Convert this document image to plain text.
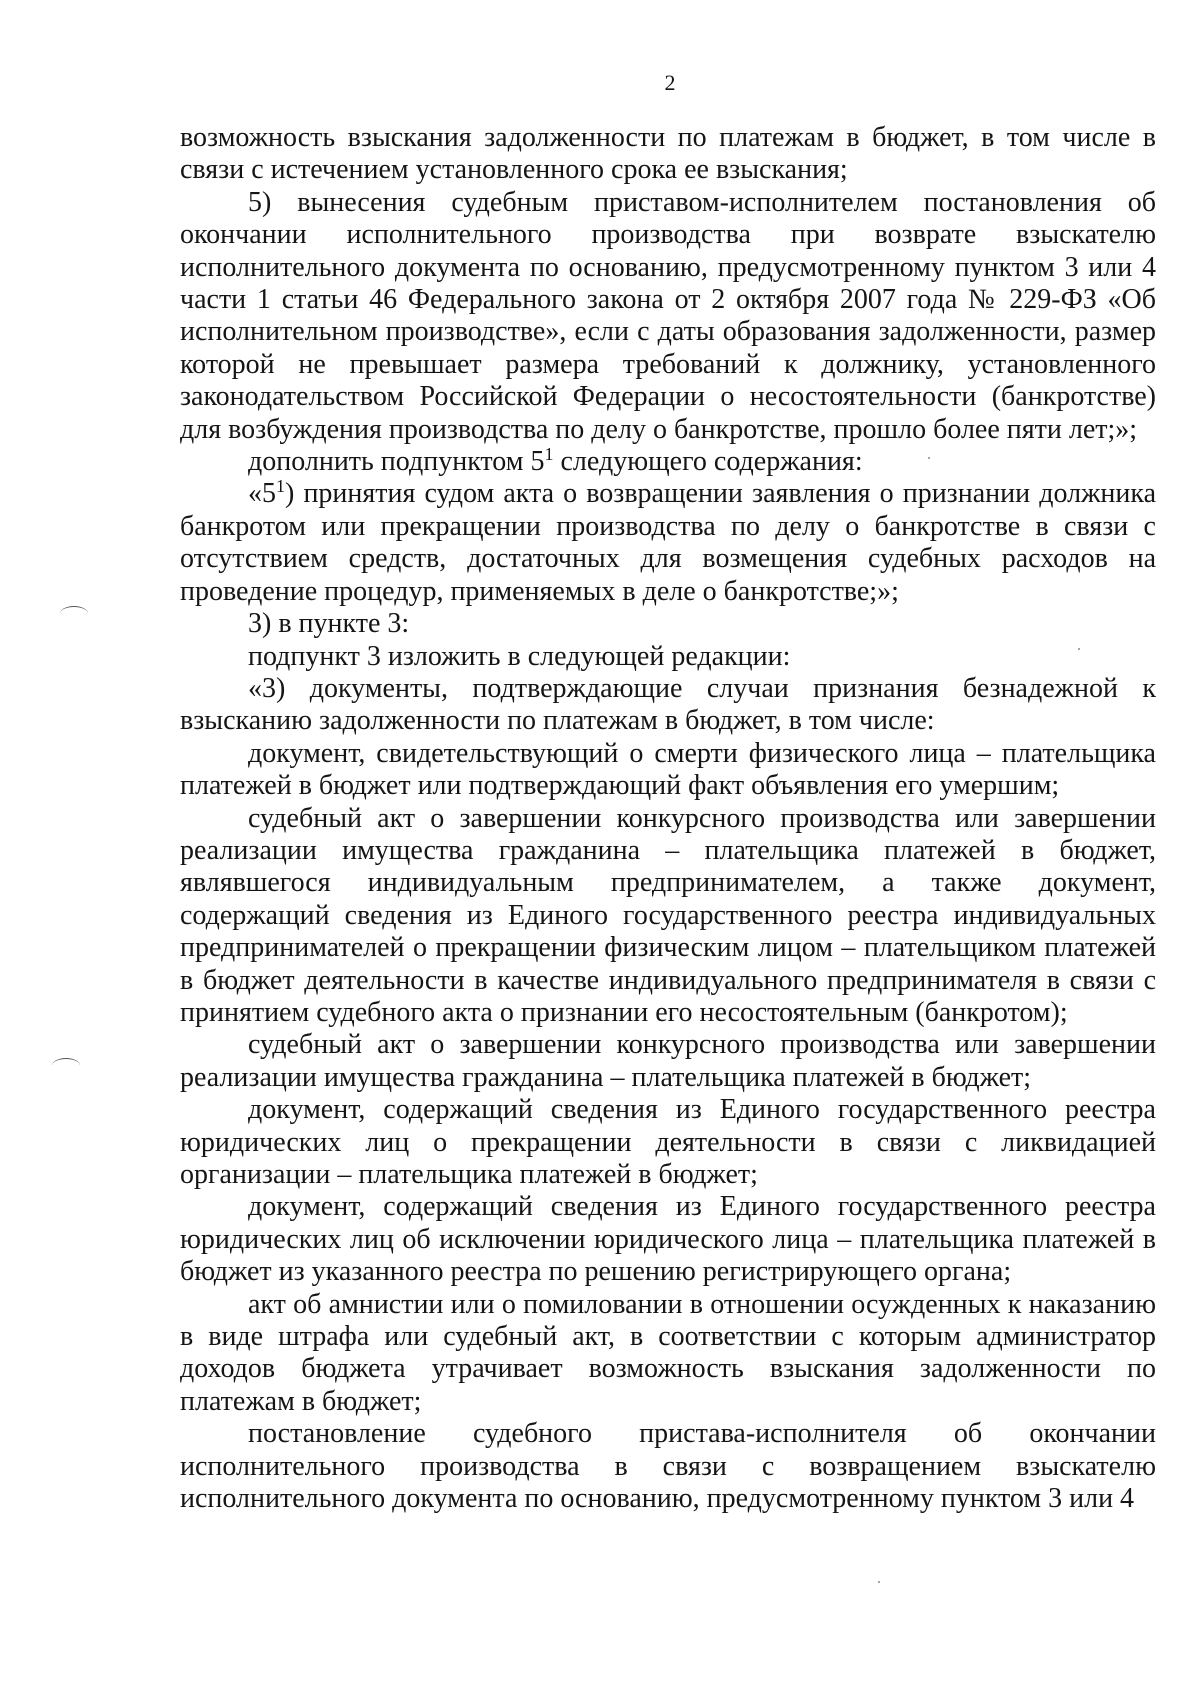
2

возможность взыскания задолженности по платежам в бюджет, в том числе в связи с истечением установленного срока ее взыскания;

5) вынесения судебным приставом-исполнителем постановления об окончании исполнительного производства при возврате взыскателю исполнительного документа по основанию, предусмотренному пунктом 3 или 4 части 1 статьи 46 Федерального закона от 2 октября 2007 года № 229-ФЗ «Об исполнительном производстве», если с даты образования задолженности, размер которой не превышает размера требований к должнику, установленного законодательством Российской Федерации о несостоятельности (банкротстве) для возбуждения производства по делу о банкротстве, прошло более пяти лет;»;

дополнить подпунктом $5^1$ следующего содержания:

«$5^1$) принятия судом акта о возвращении заявления о признании должника банкротом или прекращении производства по делу о банкротстве в связи с отсутствием средств, достаточных для возмещения судебных расходов на проведение процедур, применяемых в деле о банкротстве;»;

3) в пункте 3:

подпункт 3 изложить в следующей редакции:

«3) документы, подтверждающие случаи признания безнадежной к взысканию задолженности по платежам в бюджет, в том числе:

документ, свидетельствующий о смерти физического лица – плательщика платежей в бюджет или подтверждающий факт объявления его умершим;

судебный акт о завершении конкурсного производства или завершении реализации имущества гражданина – плательщика платежей в бюджет, являвшегося индивидуальным предпринимателем, а также документ, содержащий сведения из Единого государственного реестра индивидуальных предпринимателей о прекращении физическим лицом – плательщиком платежей в бюджет деятельности в качестве индивидуального предпринимателя в связи с принятием судебного акта о признании его несостоятельным (банкротом);

судебный акт о завершении конкурсного производства или завершении реализации имущества гражданина – плательщика платежей в бюджет;

документ, содержащий сведения из Единого государственного реестра юридических лиц о прекращении деятельности в связи с ликвидацией организации – плательщика платежей в бюджет;

документ, содержащий сведения из Единого государственного реестра юридических лиц об исключении юридического лица – плательщика платежей в бюджет из указанного реестра по решению регистрирующего органа;

акт об амнистии или о помиловании в отношении осужденных к наказанию в виде штрафа или судебный акт, в соответствии с которым администратор доходов бюджета утрачивает возможность взыскания задолженности по платежам в бюджет;

постановление судебного пристава-исполнителя об окончании исполнительного производства в связи с возвращением взыскателю исполнительного документа по основанию, предусмотренному пунктом 3 или 4
